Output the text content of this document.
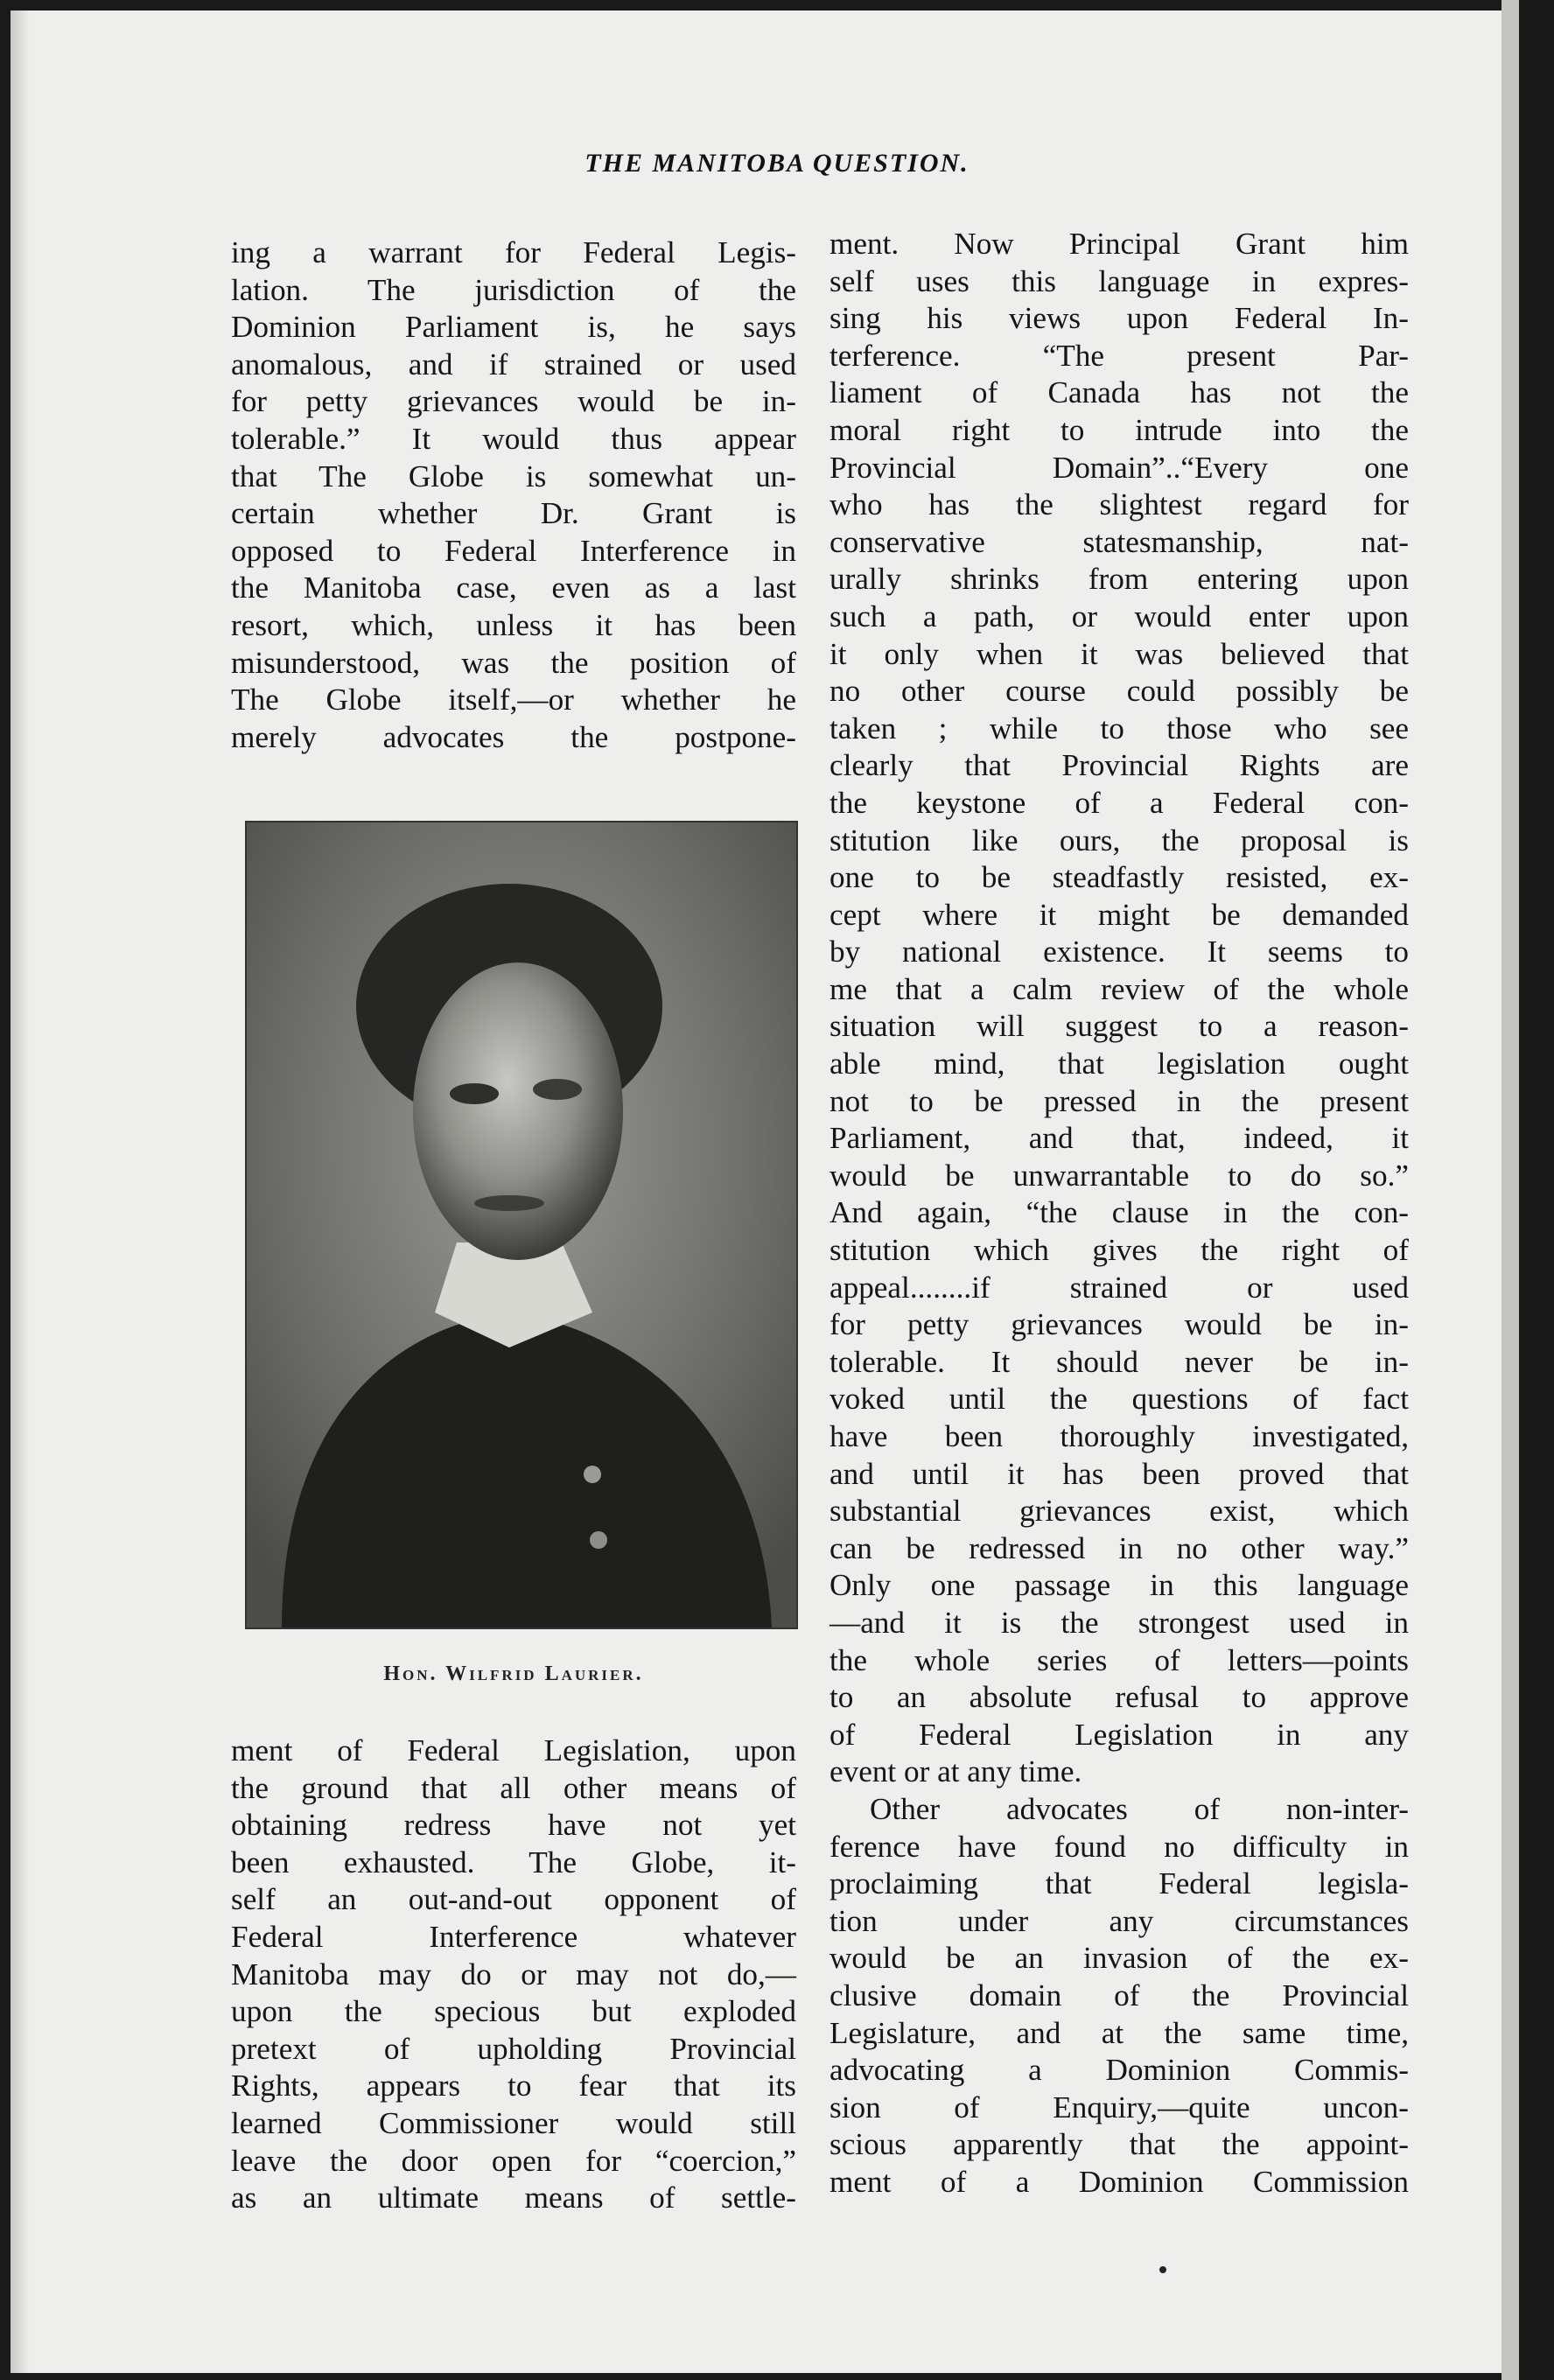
THE MANITOBA QUESTION.
ing a warrant for Federal Legis-
lation. The jurisdiction of the
Dominion Parliament is, he says
anomalous, and if strained or used
for petty grievances would be in-
tolerable.” It would thus appear
that The Globe is somewhat un-
certain whether Dr. Grant is
opposed to Federal Interference in
the Manitoba case, even as a last
resort, which, unless it has been
misunderstood, was the position of
The Globe itself,—or whether he
merely advocates the postpone-
Hon. Wilfrid Laurier.
ment of Federal Legislation, upon
the ground that all other means of
obtaining redress have not yet
been exhausted. The Globe, it-
self an out-and-out opponent of
Federal Interference whatever
Manitoba may do or may not do,—
upon the specious but exploded
pretext of upholding Provincial
Rights, appears to fear that its
learned Commissioner would still
leave the door open for “coercion,”
as an ultimate means of settle-
ment. Now Principal Grant him
self uses this language in expres-
sing his views upon Federal In-
terference. “The present Par-
liament of Canada has not the
moral right to intrude into the
Provincial Domain”..“Every one
who has the slightest regard for
conservative statesmanship, nat-
urally shrinks from entering upon
such a path, or would enter upon
it only when it was believed that
no other course could possibly be
taken ; while to those who see
clearly that Provincial Rights are
the keystone of a Federal con-
stitution like ours, the proposal is
one to be steadfastly resisted, ex-
cept where it might be demanded
by national existence. It seems to
me that a calm review of the whole
situation will suggest to a reason-
able mind, that legislation ought
not to be pressed in the present
Parliament, and that, indeed, it
would be unwarrantable to do so.”
And again, “the clause in the con-
stitution which gives the right of
appeal........if strained or used
for petty grievances would be in-
tolerable. It should never be in-
voked until the questions of fact
have been thoroughly investigated,
and until it has been proved that
substantial grievances exist, which
can be redressed in no other way.”
Only one passage in this language
—and it is the strongest used in
the whole series of letters—points
to an absolute refusal to approve
of Federal Legislation in any
event or at any time.
Other advocates of non-inter-
ference have found no difficulty in
proclaiming that Federal legisla-
tion under any circumstances
would be an invasion of the ex-
clusive domain of the Provincial
Legislature, and at the same time,
advocating a Dominion Commis-
sion of Enquiry,—quite uncon-
scious apparently that the appoint-
ment of a Dominion Commission
